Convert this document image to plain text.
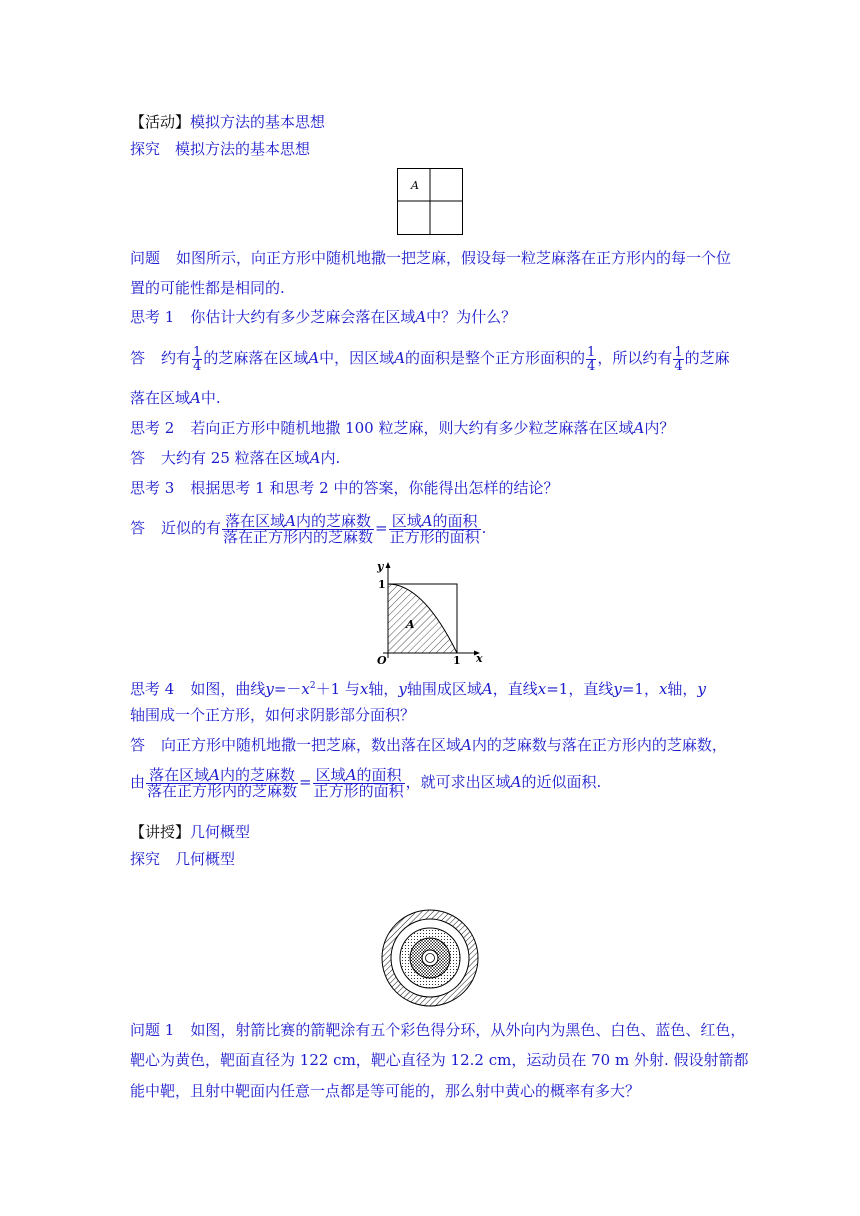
【活动】模拟方法的基本思想
探究 模拟方法的基本思想
A
问题 如图所示，向正方形中随机地撒一把芝麻，假设每一粒芝麻落在正方形内的每一个位
置的可能性都是相同的.
思考 1 你估计大约有多少芝麻会落在区域A中？为什么？
答 约有 $\frac{1}{4}$ 的芝麻落在区域A中，因区域A的面积是整个正方形面积的 $\frac{1}{4}$ ，所以约有 $\frac{1}{4}$ 的芝麻
落在区域A中.
思考 2 若向正方形中随机地撒 100 粒芝麻，则大约有多少粒芝麻落在区域A内？
答 大约有 25 粒落在区域A内.
思考 3 根据思考 1 和思考 2 中的答案，你能得出怎样的结论？
答 近似的有 $\frac{\text{落在区域A内的芝麻数}}{\text{落在正方形内的芝麻数}} = \frac{\text{区域A的面积}}{\text{正方形的面积}}$ .
y
x
1
1
O
A
思考 4 如图，曲线$y=-x^2+1$ 与x轴，y轴围成区域A，直线x=1，直线y=1，x轴，y
轴围成一个正方形，如何求阴影部分面积？
答 向正方形中随机地撒一把芝麻，数出落在区域A内的芝麻数与落在正方形内的芝麻数，
由 $\frac{\text{落在区域A内的芝麻数}}{\text{落在正方形内的芝麻数}} = \frac{\text{区域A的面积}}{\text{正方形的面积}}$ ，就可求出区域A的近似面积.
【讲授】几何概型
探究 几何概型
问题 1 如图，射箭比赛的箭靶涂有五个彩色得分环，从外向内为黑色、白色、蓝色、红色，
靶心为黄色，靶面直径为 122 cm，靶心直径为 12.2 cm，运动员在 70 m 外射. 假设射箭都
能中靶，且射中靶面内任意一点都是等可能的，那么射中黄心的概率有多大？
